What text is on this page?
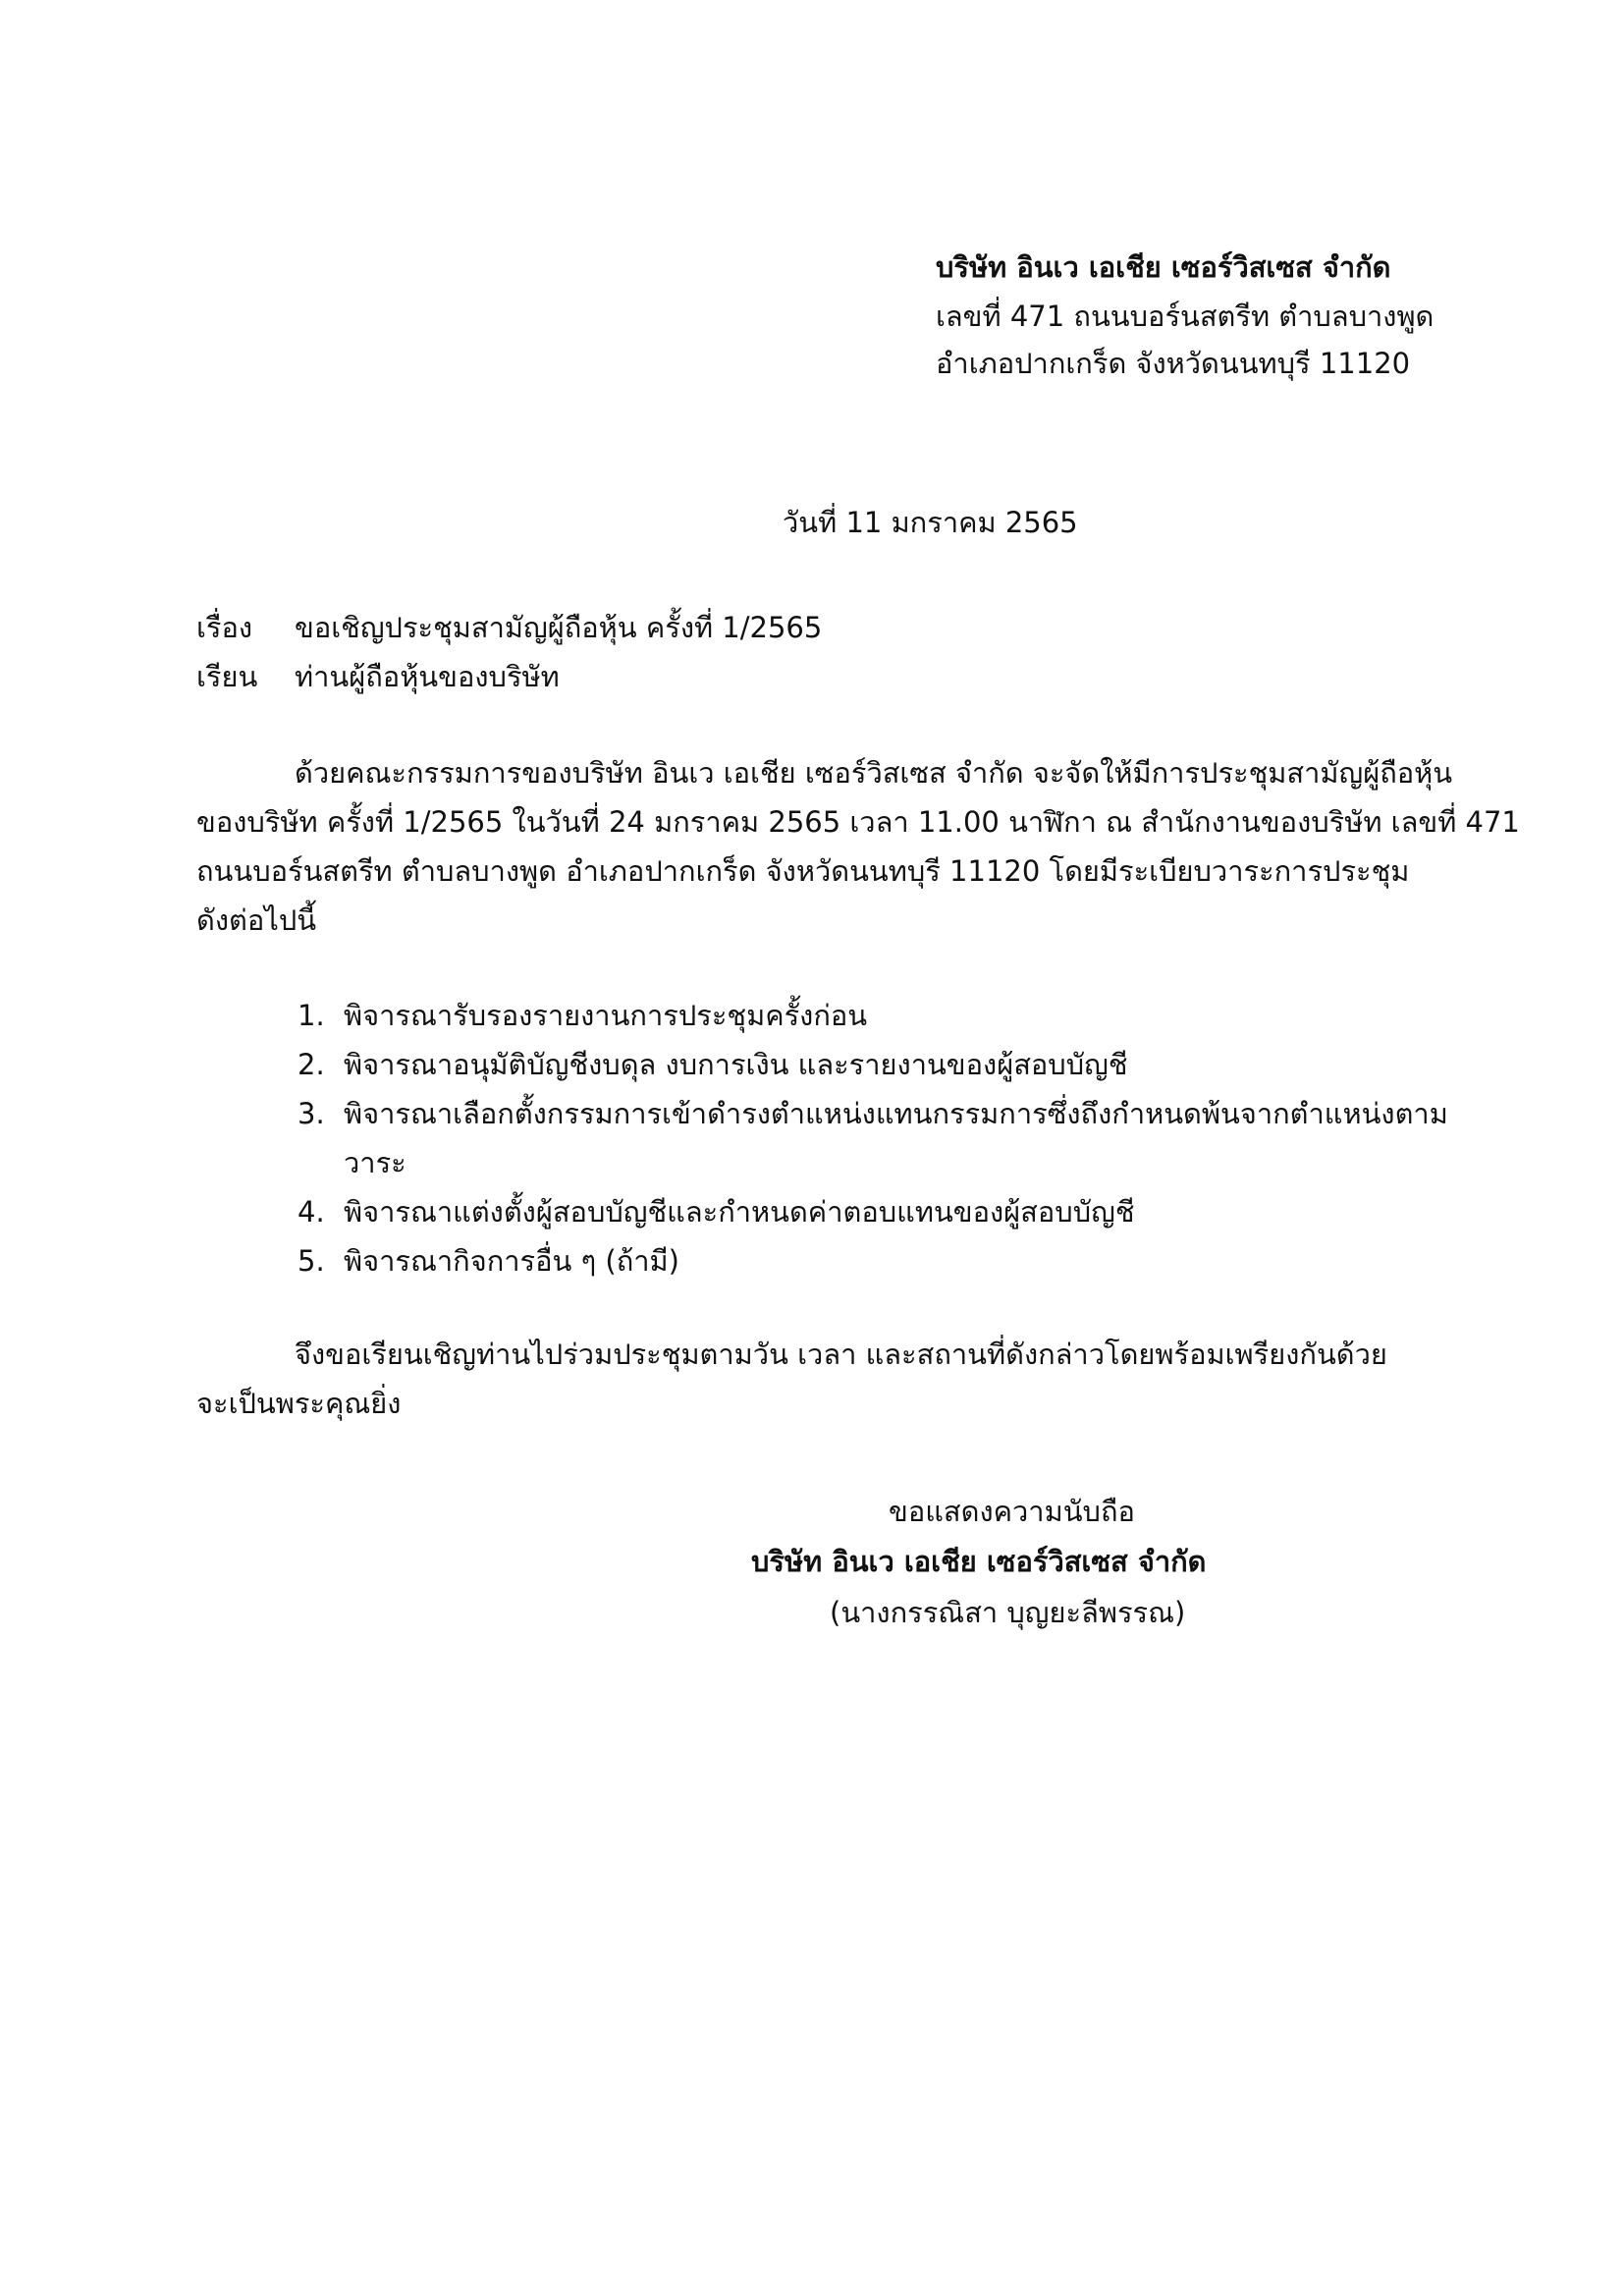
บริษัท อินเว เอเชีย เซอร์วิสเซส จำกัด
เลขที่ 471 ถนนบอร์นสตรีท ตำบลบางพูด
อำเภอปากเกร็ด จังหวัดนนทบุรี 11120
วันที่ 11 มกราคม 2565
เรื่อง ขอเชิญประชุมสามัญผู้ถือหุ้น ครั้งที่ 1/2565
เรียน ท่านผู้ถือหุ้นของบริษัท
ด้วยคณะกรรมการของบริษัท อินเว เอเชีย เซอร์วิสเซส จำกัด จะจัดให้มีการประชุมสามัญผู้ถือหุ้น
ของบริษัท ครั้งที่ 1/2565 ในวันที่ 24 มกราคม 2565 เวลา 11.00 นาฬิกา ณ สำนักงานของบริษัท เลขที่ 471
ถนนบอร์นสตรีท ตำบลบางพูด อำเภอปากเกร็ด จังหวัดนนทบุรี 11120 โดยมีระเบียบวาระการประชุม
ดังต่อไปนี้
1. พิจารณารับรองรายงานการประชุมครั้งก่อน
2. พิจารณาอนุมัติบัญชีงบดุล งบการเงิน และรายงานของผู้สอบบัญชี
3. พิจารณาเลือกตั้งกรรมการเข้าดำรงตำแหน่งแทนกรรมการซึ่งถึงกำหนดพ้นจากตำแหน่งตาม
วาระ
4. พิจารณาแต่งตั้งผู้สอบบัญชีและกำหนดค่าตอบแทนของผู้สอบบัญชี
5. พิจารณากิจการอื่น ๆ (ถ้ามี)
จึงขอเรียนเชิญท่านไปร่วมประชุมตามวัน เวลา และสถานที่ดังกล่าวโดยพร้อมเพรียงกันด้วย
จะเป็นพระคุณยิ่ง
ขอแสดงความนับถือ
บริษัท อินเว เอเชีย เซอร์วิสเซส จำกัด
(นางกรรณิสา บุญยะลีพรรณ)
